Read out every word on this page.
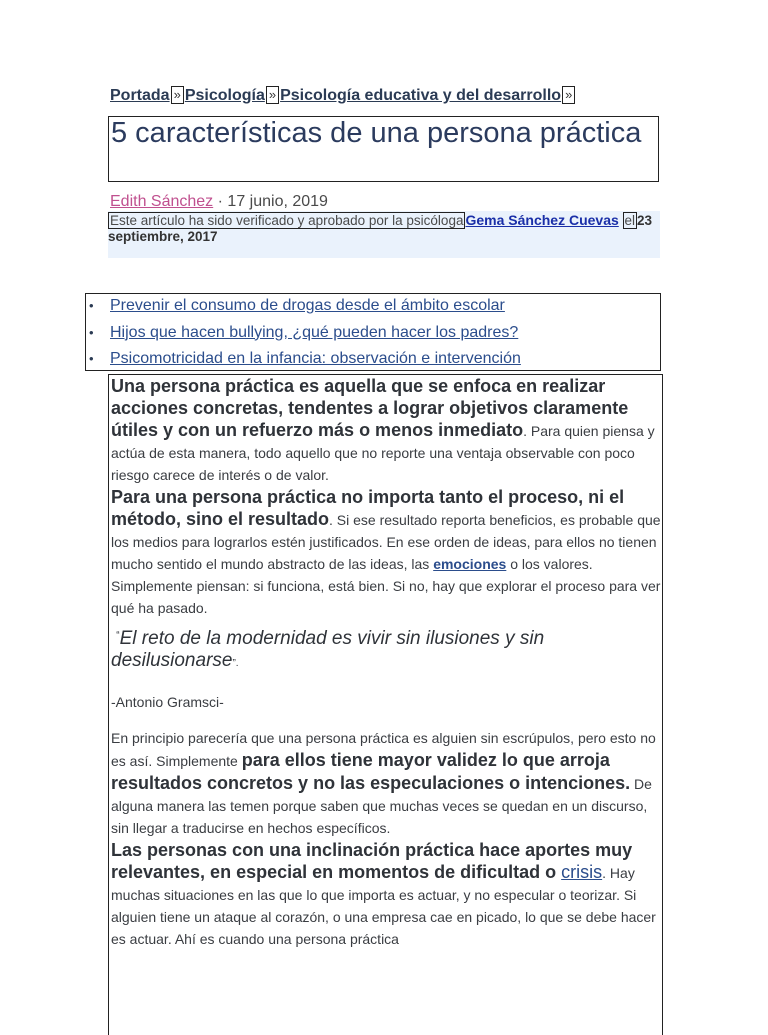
Portada » Psicología » Psicología educativa y del desarrollo »
5 características de una persona práctica
Edith Sánchez · 17 junio, 2019
Este artículo ha sido verificado y aprobado por la psicóloga Gema Sánchez Cuevas el 23 septiembre, 2017
• Prevenir el consumo de drogas desde el ámbito escolar
• Hijos que hacen bullying, ¿qué pueden hacer los padres?
• Psicomotricidad en la infancia: observación e intervención

Una persona práctica es aquella que se enfoca en realizar acciones concretas, tendentes a lograr objetivos claramente útiles y con un refuerzo más o menos inmediato. Para quien piensa y actúa de esta manera, todo aquello que no reporte una ventaja observable con poco riesgo carece de interés o de valor.

Para una persona práctica no importa tanto el proceso, ni el método, sino el resultado. Si ese resultado reporta beneficios, es probable que los medios para lograrlos estén justificados. En ese orden de ideas, para ellos no tienen mucho sentido el mundo abstracto de las ideas, las emociones o los valores. Simplemente piensan: si funciona, está bien. Si no, hay que explorar el proceso para ver qué ha pasado.

“El reto de la modernidad es vivir sin ilusiones y sin desilusionarse”.

-Antonio Gramsci-

En principio parecería que una persona práctica es alguien sin escrúpulos, pero esto no es así. Simplemente para ellos tiene mayor validez lo que arroja resultados concretos y no las especulaciones o intenciones. De alguna manera las temen porque saben que muchas veces se quedan en un discurso, sin llegar a traducirse en hechos específicos.

Las personas con una inclinación práctica hace aportes muy relevantes, en especial en momentos de dificultad o crisis. Hay muchas situaciones en las que lo que importa es actuar, y no especular o teorizar. Si alguien tiene un ataque al corazón, o una empresa cae en picado, lo que se debe hacer es actuar. Ahí es cuando una persona práctica
